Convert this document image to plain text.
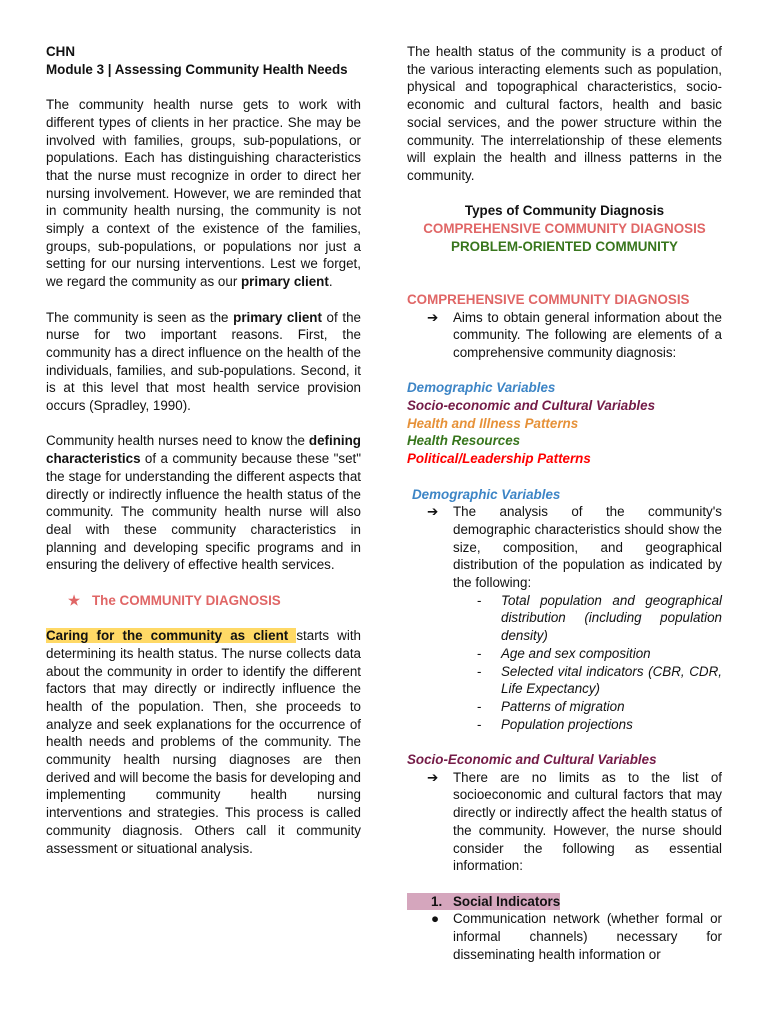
CHN

Module 3 | Assessing Community Health Needs

The community health nurse gets to work with different types of clients in her practice. She may be involved with families, groups, sub-populations, or populations. Each has distinguishing characteristics that the nurse must recognize in order to direct her nursing involvement. However, we are reminded that in community health nursing, the community is not simply a context of the existence of the families, groups, sub-populations, or populations nor just a setting for our nursing interventions. Lest we forget, we regard the community as our primary client.

The community is seen as the primary client of the nurse for two important reasons. First, the community has a direct influence on the health of the individuals, families, and sub-populations. Second, it is at this level that most health service provision occurs (Spradley, 1990).

Community health nurses need to know the defining characteristics of a community because these "set" the stage for understanding the different aspects that directly or indirectly influence the health status of the community. The community health nurse will also deal with these community characteristics in planning and developing specific programs and in ensuring the delivery of effective health services.

★ The COMMUNITY DIAGNOSIS

Caring for the community as client starts with determining its health status. The nurse collects data about the community in order to identify the different factors that may directly or indirectly influence the health of the population. Then, she proceeds to analyze and seek explanations for the occurrence of health needs and problems of the community. The community health nursing diagnoses are then derived and will become the basis for developing and implementing community health nursing interventions and strategies. This process is called community diagnosis. Others call it community assessment or situational analysis.

The health status of the community is a product of the various interacting elements such as population, physical and topographical characteristics, socio-economic and cultural factors, health and basic social services, and the power structure within the community. The interrelationship of these elements will explain the health and illness patterns in the community.

Types of Community Diagnosis

COMPREHENSIVE COMMUNITY DIAGNOSIS

PROBLEM-ORIENTED COMMUNITY

COMPREHENSIVE COMMUNITY DIAGNOSIS

➔	Aims to obtain general information about the community. The following are elements of a comprehensive community diagnosis:

Demographic Variables

Socio-economic and Cultural Variables

Health and Illness Patterns

Health Resources

Political/Leadership Patterns

Demographic Variables

➔	The analysis of the community's demographic characteristics should show the size, composition, and geographical distribution of the population as indicated by the following:
-	Total population and geographical distribution (including population density)
-	Age and sex composition
-	Selected vital indicators (CBR, CDR, Life Expectancy)
-	Patterns of migration
-	Population projections

Socio-Economic and Cultural Variables

➔	There are no limits as to the list of socioeconomic and cultural factors that may directly or indirectly affect the health status of the community. However, the nurse should consider the following as essential information:
1. Social Indicators
●	Communication network (whether formal or informal channels) necessary for disseminating health information or
